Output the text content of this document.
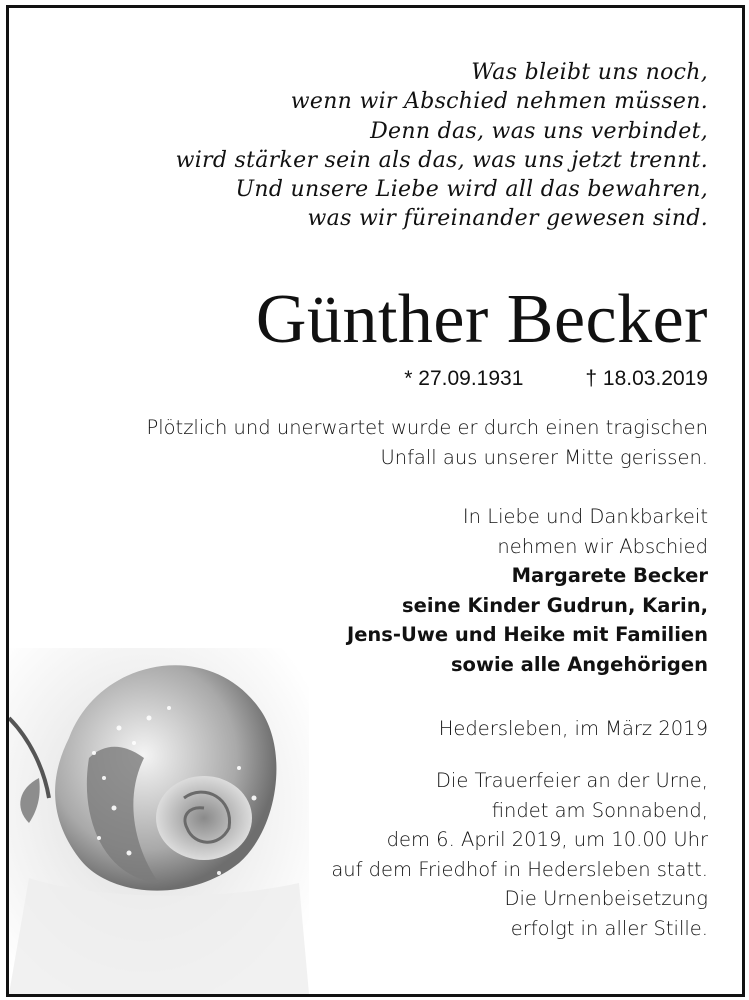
Was bleibt uns noch,
wenn wir Abschied nehmen müssen.
Denn das, was uns verbindet,
wird stärker sein als das, was uns jetzt trennt.
Und unsere Liebe wird all das bewahren,
was wir füreinander gewesen sind.
Günther Becker
* 27.09.1931	† 18.03.2019
Plötzlich und unerwartet wurde er durch einen tragischen
Unfall aus unserer Mitte gerissen.
In Liebe und Dankbarkeit
nehmen wir Abschied
Margarete Becker
seine Kinder Gudrun, Karin,
Jens-Uwe und Heike mit Familien
sowie alle Angehörigen
Hedersleben, im März 2019
Die Trauerfeier an der Urne,
findet am Sonnabend,
dem 6. April 2019, um 10.00 Uhr
auf dem Friedhof in Hedersleben statt.
Die Urnenbeisetzung
erfolgt in aller Stille.
